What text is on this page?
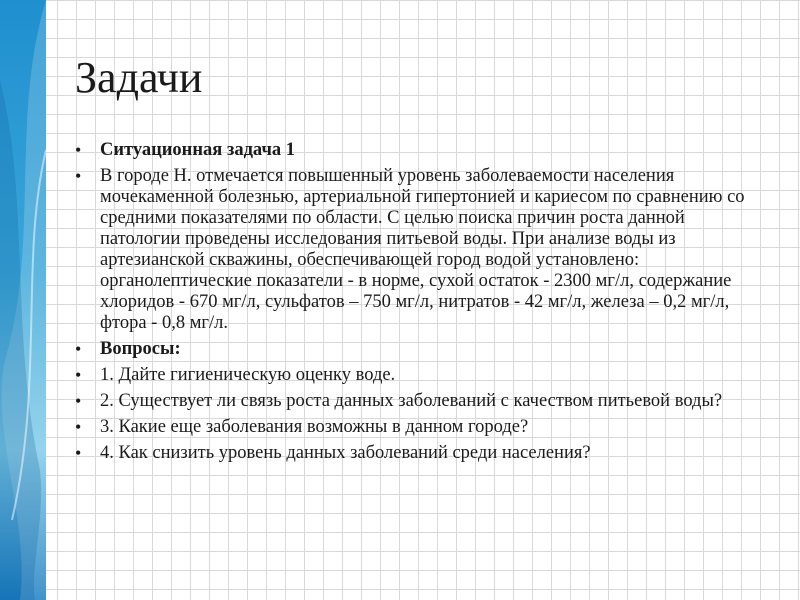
Задачи
• Ситуационная задача 1
• В городе Н. отмечается повышенный уровень заболеваемости населения мочекаменной болезнью, артериальной гипертонией и кариесом по сравнению со средними показателями по области. С целью поиска причин роста данной патологии проведены исследования питьевой воды. При анализе воды из артезианской скважины, обеспечивающей город водой установлено: органолептические показатели - в норме, сухой остаток - 2300 мг/л, содержание хлоридов - 670 мг/л, сульфатов – 750 мг/л, нитратов - 42 мг/л, железа – 0,2 мг/л, фтора - 0,8 мг/л.
• Вопросы:
• 1. Дайте гигиеническую оценку воде.
• 2. Существует ли связь роста данных заболеваний с качеством питьевой воды?
• 3. Какие еще заболевания возможны в данном городе?
• 4. Как снизить уровень данных заболеваний среди населения?
